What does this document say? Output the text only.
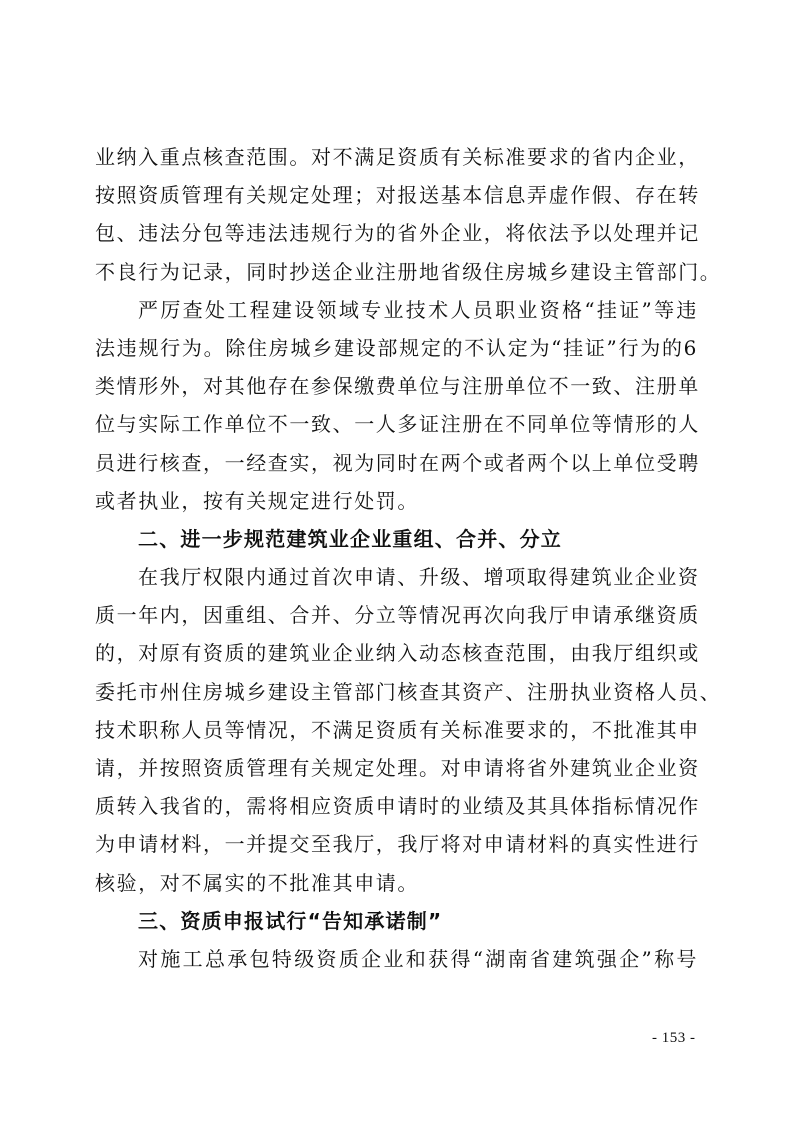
业纳入重点核查范围。对不满足资质有关标准要求的省内企业，
按照资质管理有关规定处理；对报送基本信息弄虚作假、存在转
包、违法分包等违法违规行为的省外企业，将依法予以处理并记
不良行为记录，同时抄送企业注册地省级住房城乡建设主管部门。
严厉查处工程建设领域专业技术人员职业资格“挂证”等违
法违规行为。除住房城乡建设部规定的不认定为“挂证”行为的6
类情形外，对其他存在参保缴费单位与注册单位不一致、注册单
位与实际工作单位不一致、一人多证注册在不同单位等情形的人
员进行核查，一经查实，视为同时在两个或者两个以上单位受聘
或者执业，按有关规定进行处罚。
二、进一步规范建筑业企业重组、合并、分立
在我厅权限内通过首次申请、升级、增项取得建筑业企业资
质一年内，因重组、合并、分立等情况再次向我厅申请承继资质
的，对原有资质的建筑业企业纳入动态核查范围，由我厅组织或
委托市州住房城乡建设主管部门核查其资产、注册执业资格人员、
技术职称人员等情况，不满足资质有关标准要求的，不批准其申
请，并按照资质管理有关规定处理。对申请将省外建筑业企业资
质转入我省的，需将相应资质申请时的业绩及其具体指标情况作
为申请材料，一并提交至我厅，我厅将对申请材料的真实性进行
核验，对不属实的不批准其申请。
三、资质申报试行“告知承诺制”
对施工总承包特级资质企业和获得“湖南省建筑强企”称号
- 153 -
